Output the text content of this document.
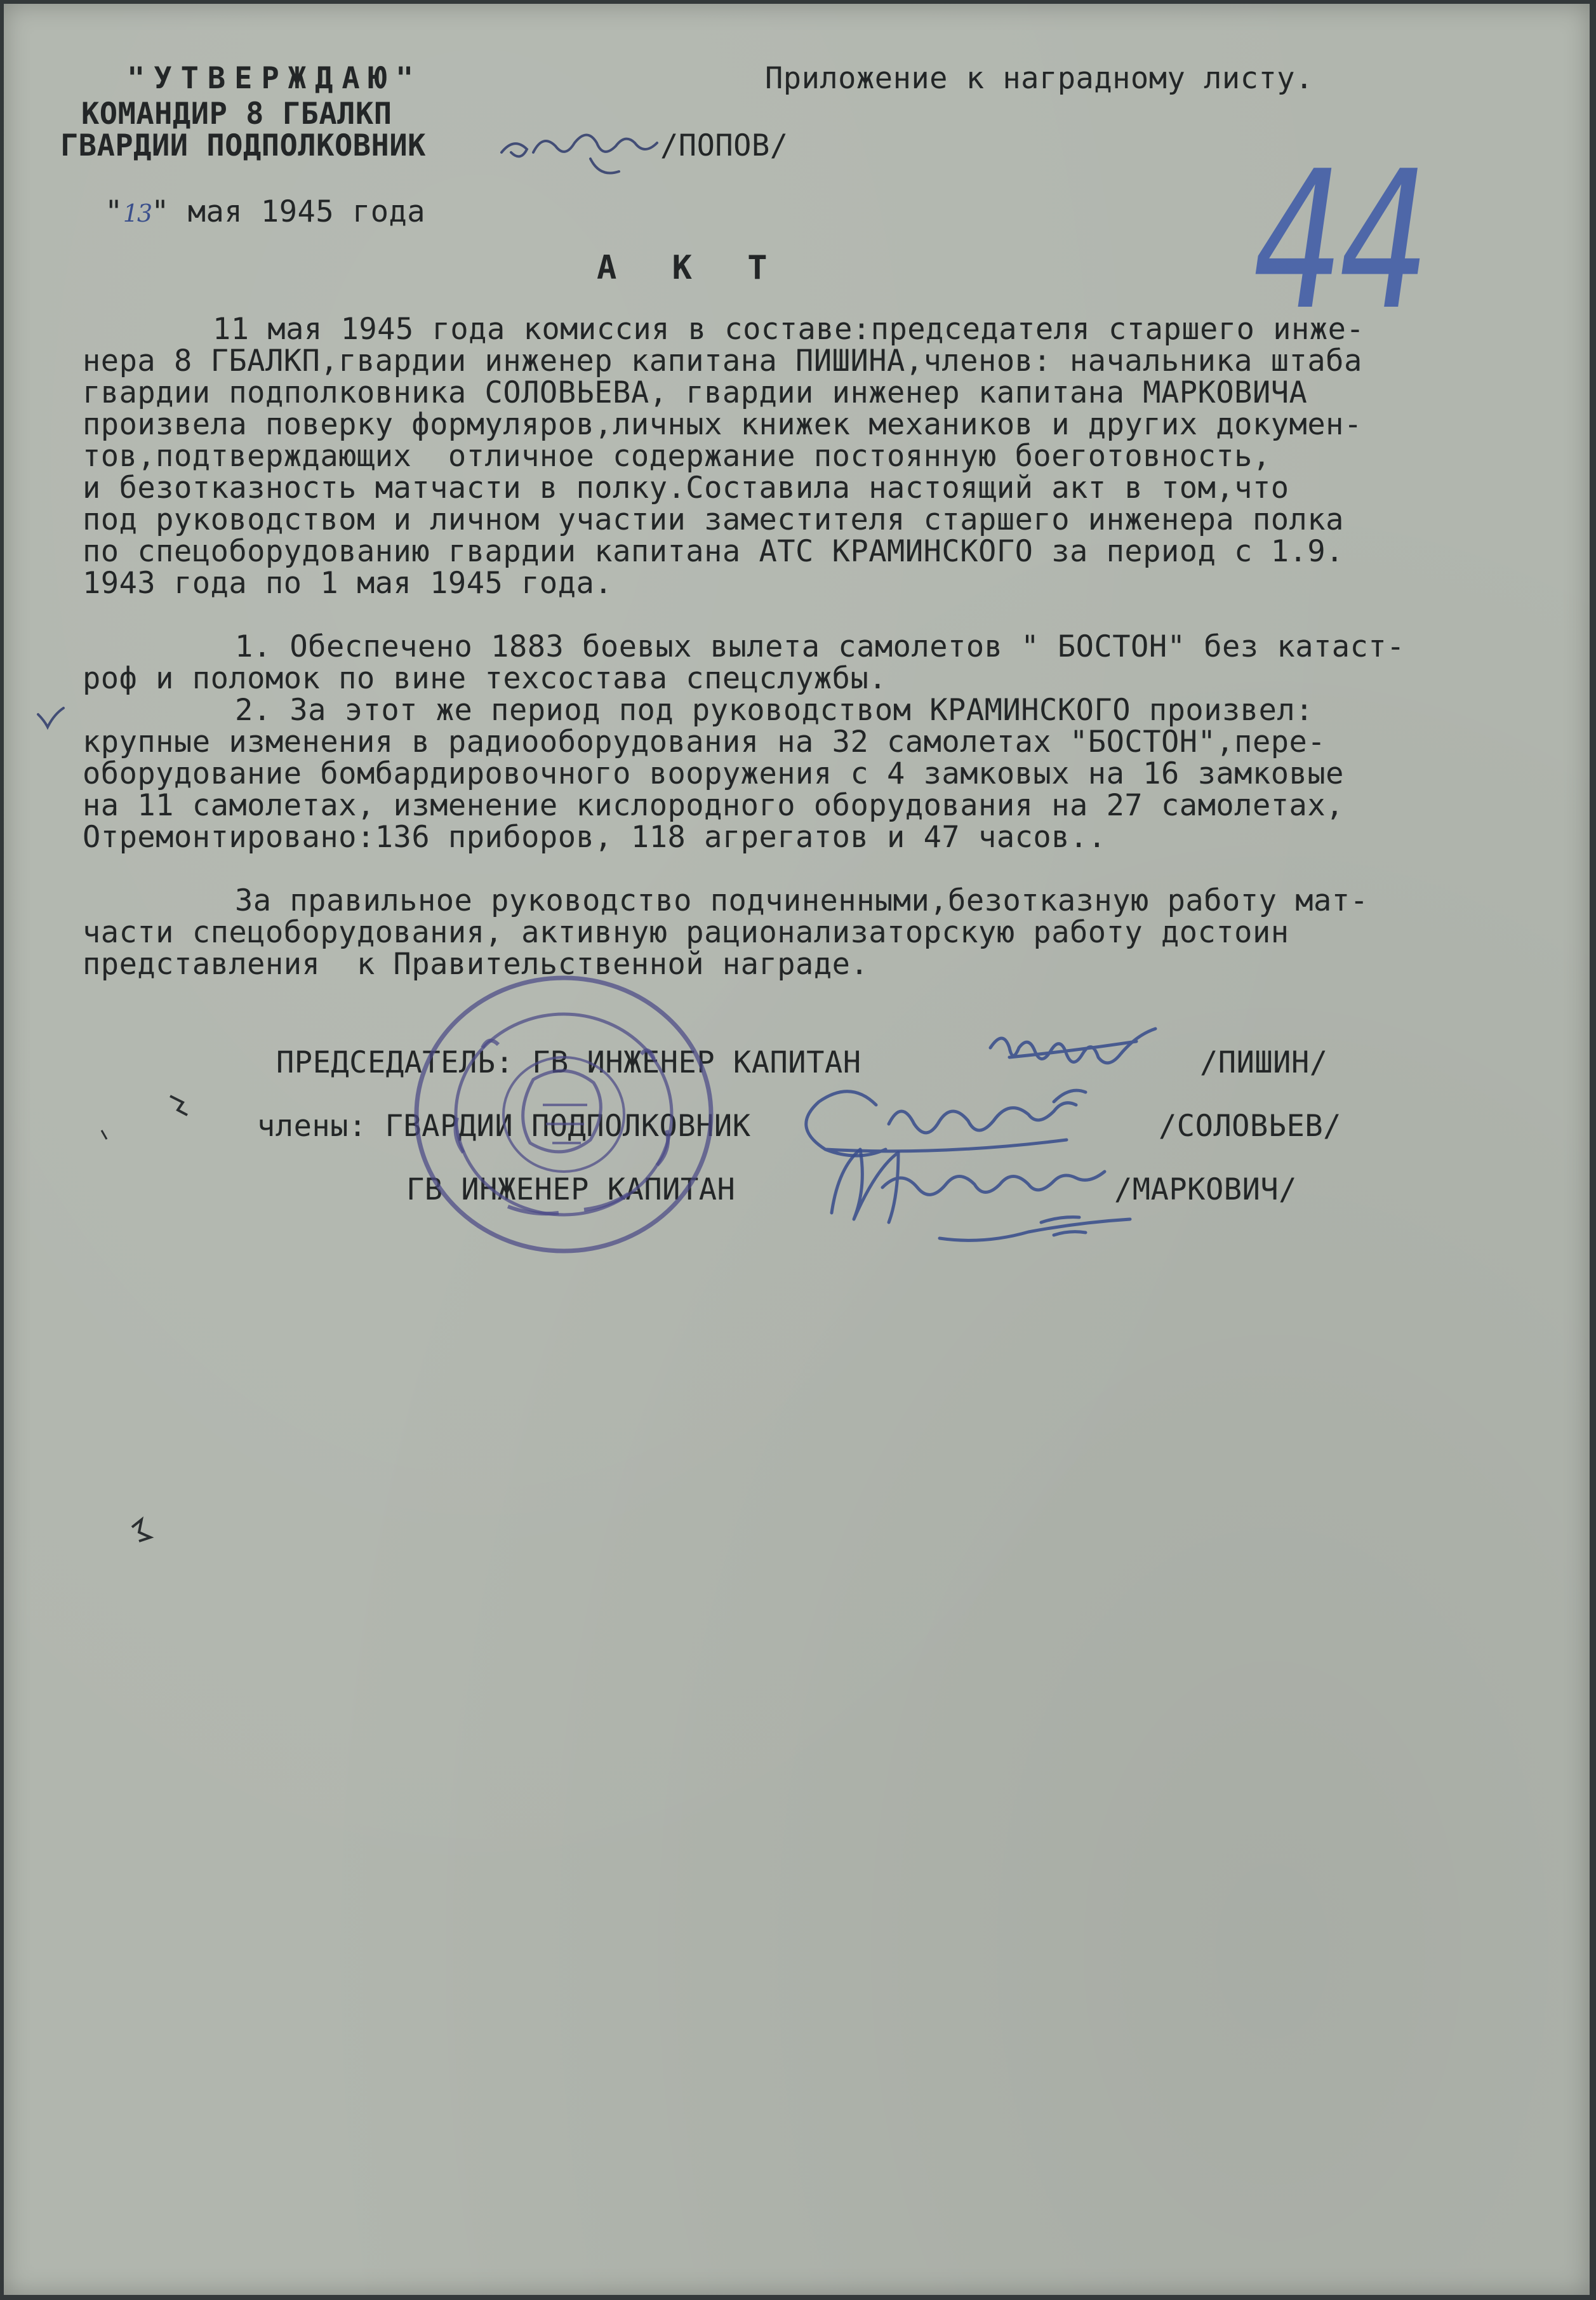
"УТВЕРЖДАЮ"
КОМАНДИР 8 ГБАЛКП
ГВАРДИИ ПОДПОЛКОВНИК	/ПОПОВ/
"13" мая 1945 года
Приложение к наградному листу.
44
А К Т
11 мая 1945 года комиссия в составе:председателя старшего инже-
нера 8 ГБАЛКП,гвардии инженер капитана ПИШИНА,членов: начальника штаба
гвардии подполковника СОЛОВЬЕВА, гвардии инженер капитана МАРКОВИЧА
произвела поверку формуляров,личных книжек механиков и других докумен-
тов,подтверждающих  отличное содержание постоянную боеготовность,
и безотказность матчасти в полку.Составила настоящий акт в том,что
под руководством и личном участии заместителя старшего инженера полка
по спецоборудованию гвардии капитана АТС КРАМИНСКОГО за период с 1.9.
1943 года по 1 мая 1945 года.
1. Обеспечено 1883 боевых вылета самолетов " БОСТОН" без катаст-
роф и поломок по вине техсостава спецслужбы.
2. За этот же период под руководством КРАМИНСКОГО произвел:
крупные изменения в радиооборудования на 32 самолетах "БОСТОН",пере-
оборудование бомбардировочного вооружения с 4 замковых на 16 замковые
на 11 самолетах, изменение кислородного оборудования на 27 самолетах,
Отремонтировано:136 приборов, 118 агрегатов и 47 часов..
За правильное руководство подчиненными,безотказную работу мат-
части спецоборудования, активную рационализаторскую работу достоин
представления  к Правительственной награде.
ПРЕДСЕДАТЕЛЬ: ГВ ИНЖЕНЕР КАПИТАН	/ПИШИН/
члены: ГВАРДИИ ПОДПОЛКОВНИК	/СОЛОВЬЕВ/
ГВ ИНЖЕНЕР КАПИТАН	/МАРКОВИЧ/
